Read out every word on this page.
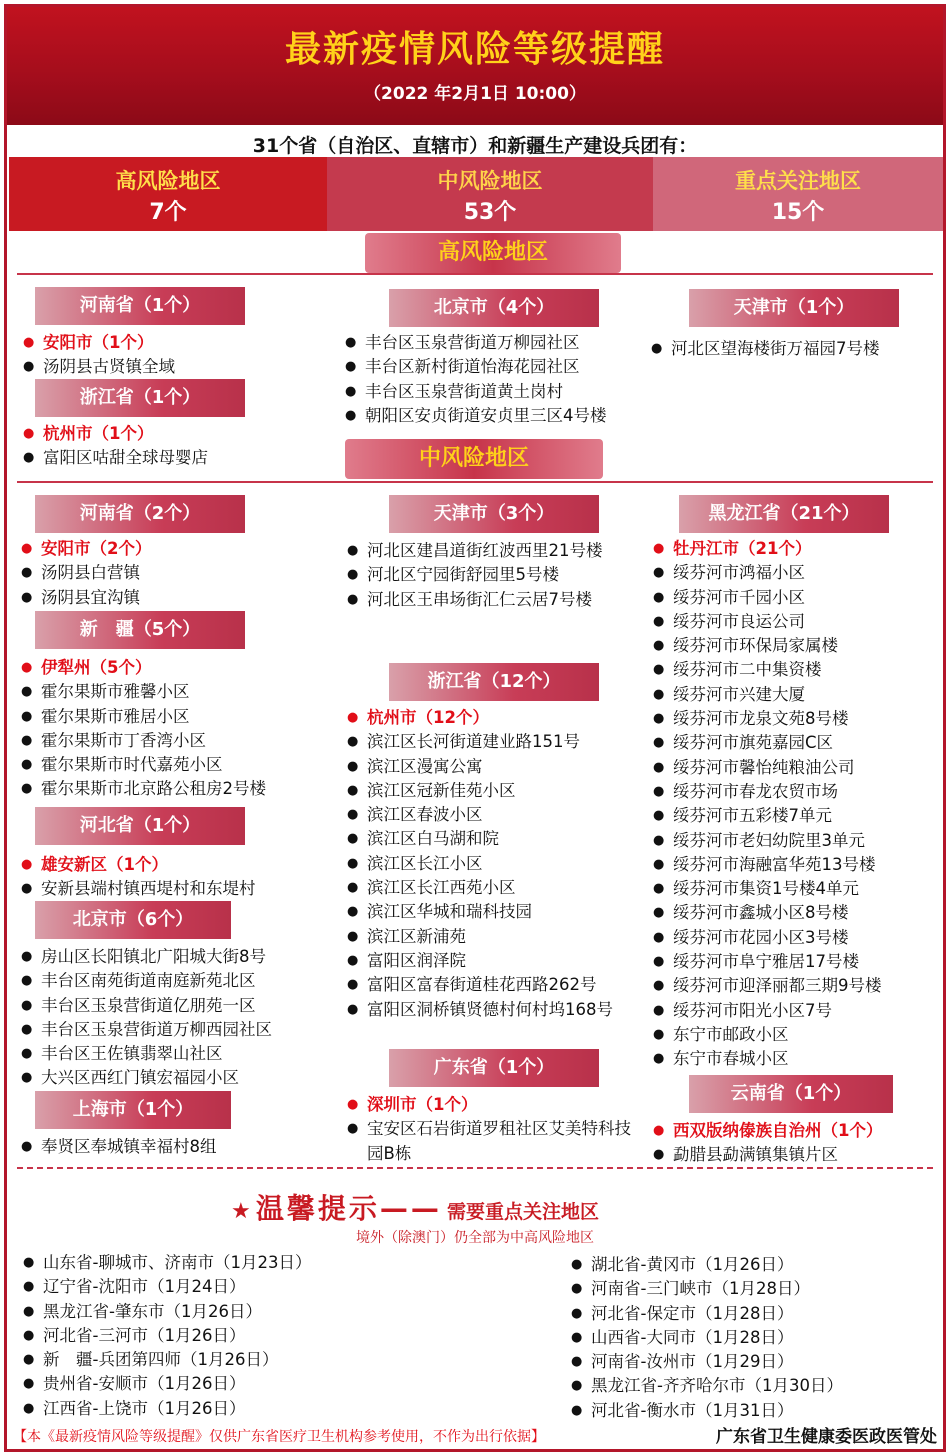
最新疫情风险等级提醒
（2022 年2月1日 10:00）
31个省（自治区、直辖市）和新疆生产建设兵团有：
高风险地区
7个
中风险地区
53个
重点关注地区
15个
高风险地区
河南省（1个）
● 安阳市（1个）
● 汤阴县古贤镇全域
浙江省（1个）
● 杭州市（1个）
● 富阳区咕甜全球母婴店
北京市（4个）
● 丰台区玉泉营街道万柳园社区
● 丰台区新村街道怡海花园社区
● 丰台区玉泉营街道黄土岗村
● 朝阳区安贞街道安贞里三区4号楼
天津市（1个）
● 河北区望海楼街万福园7号楼
中风险地区
河南省（2个）
● 安阳市（2个）
● 汤阴县白营镇
● 汤阴县宜沟镇
新　疆（5个）
● 伊犁州（5个）
● 霍尔果斯市雅馨小区
● 霍尔果斯市雅居小区
● 霍尔果斯市丁香湾小区
● 霍尔果斯市时代嘉苑小区
● 霍尔果斯市北京路公租房2号楼
河北省（1个）
● 雄安新区（1个）
● 安新县端村镇西堤村和东堤村
北京市（6个）
● 房山区长阳镇北广阳城大街8号
● 丰台区南苑街道南庭新苑北区
● 丰台区玉泉营街道亿朋苑一区
● 丰台区玉泉营街道万柳西园社区
● 丰台区王佐镇翡翠山社区
● 大兴区西红门镇宏福园小区
上海市（1个）
● 奉贤区奉城镇幸福村8组
天津市（3个）
● 河北区建昌道街红波西里21号楼
● 河北区宁园街舒园里5号楼
● 河北区王串场街汇仁云居7号楼
浙江省（12个）
● 杭州市（12个）
● 滨江区长河街道建业路151号
● 滨江区漫寓公寓
● 滨江区冠新佳苑小区
● 滨江区春波小区
● 滨江区白马湖和院
● 滨江区长江小区
● 滨江区长江西苑小区
● 滨江区华城和瑞科技园
● 滨江区新浦苑
● 富阳区润泽院
● 富阳区富春街道桂花西路262号
● 富阳区洞桥镇贤德村何村坞168号
广东省（1个）
● 深圳市（1个）
● 宝安区石岩街道罗租社区艾美特科技园B栋
黑龙江省（21个）
● 牡丹江市（21个）
● 绥芬河市鸿福小区
● 绥芬河市千园小区
● 绥芬河市良运公司
● 绥芬河市环保局家属楼
● 绥芬河市二中集资楼
● 绥芬河市兴建大厦
● 绥芬河市龙泉文苑8号楼
● 绥芬河市旗苑嘉园C区
● 绥芬河市馨怡纯粮油公司
● 绥芬河市春龙农贸市场
● 绥芬河市五彩楼7单元
● 绥芬河市老妇幼院里3单元
● 绥芬河市海融富华苑13号楼
● 绥芬河市集资1号楼4单元
● 绥芬河市鑫城小区8号楼
● 绥芬河市花园小区3号楼
● 绥芬河市阜宁雅居17号楼
● 绥芬河市迎泽丽都三期9号楼
● 绥芬河市阳光小区7号
● 东宁市邮政小区
● 东宁市春城小区
云南省（1个）
● 西双版纳傣族自治州（1个）
● 勐腊县勐满镇集镇片区
★ 温馨提示—— 需要重点关注地区
境外（除澳门）仍全部为中高风险地区
● 山东省-聊城市、济南市（1月23日）
● 辽宁省-沈阳市（1月24日）
● 黑龙江省-肇东市（1月26日）
● 河北省-三河市（1月26日）
● 新　疆-兵团第四师（1月26日）
● 贵州省-安顺市（1月26日）
● 江西省-上饶市（1月26日）
● 湖北省-黄冈市（1月26日）
● 河南省-三门峡市（1月28日）
● 河北省-保定市（1月28日）
● 山西省-大同市（1月28日）
● 河南省-汝州市（1月29日）
● 黑龙江省-齐齐哈尔市（1月30日）
● 河北省-衡水市（1月31日）
【本《最新疫情风险等级提醒》仅供广东省医疗卫生机构参考使用，不作为出行依据】	广东省卫生健康委医政医管处
